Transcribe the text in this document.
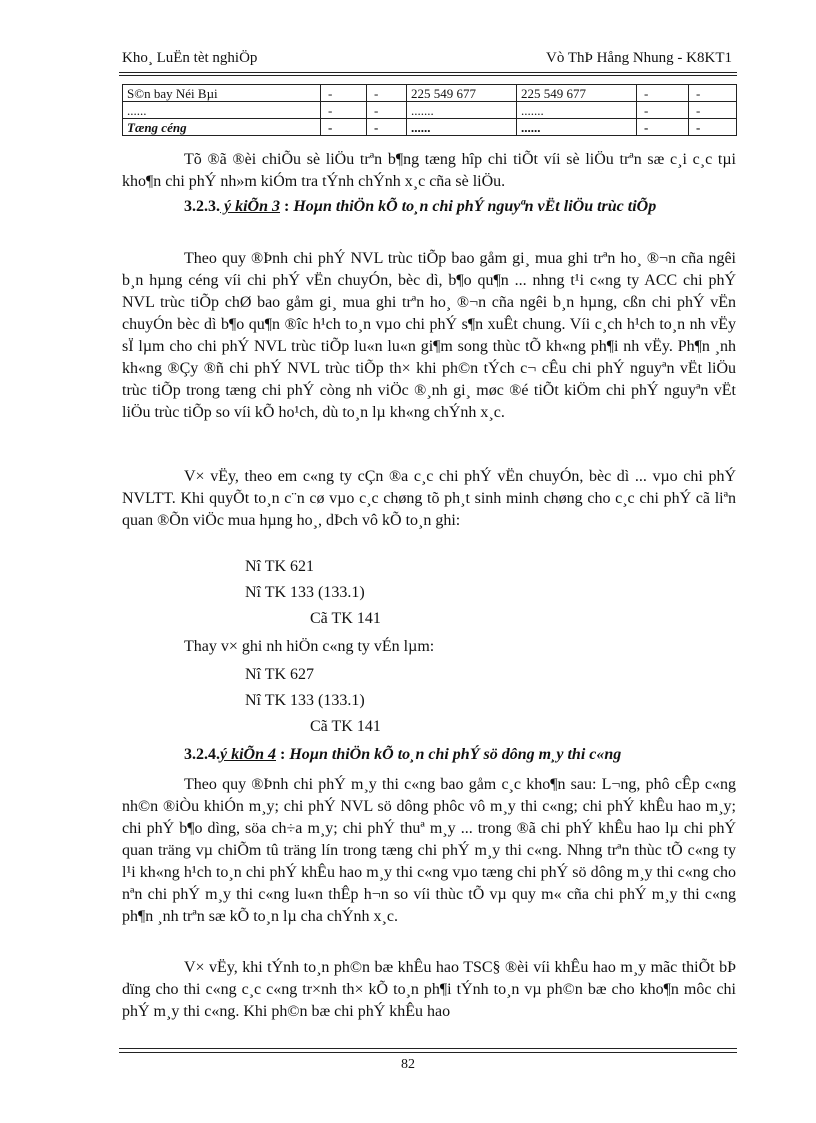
Kho¸ LuËn tèt nghiÖp	Vò ThÞ Hång Nhung - K8KT1
S©n bay Néi Bµi	-	-	225 549 677	225 549 677	-	-
......	-	-	.......	.......	-	-
Tæng céng	-	-	......	......	-	-
Tõ ®ã ®èi chiÕu sè liÖu trªn b¶ng tæng hîp chi tiÕt víi sè liÖu trªn sæ c¸i c¸c tµi kho¶n chi phÝ nh»m kiÓm tra tÝnh chÝnh x¸c cña sè liÖu.
3.2.3. ý kiÕn 3 : Hoµn thiÖn kÕ to¸n chi phÝ nguyªn vËt liÖu trùc tiÕp
Theo quy ®Þnh chi phÝ NVL trùc tiÕp bao gåm gi¸ mua ghi trªn ho¸ ®¬n cña ngêi b¸n hµng céng víi chi phÝ vËn chuyÓn, bèc dì, b¶o qu¶n ... nhng t¹i c«ng ty ACC chi phÝ NVL trùc tiÕp chØ bao gåm gi¸ mua ghi trªn ho¸ ®¬n cña ngêi b¸n hµng, cßn chi phÝ vËn chuyÓn bèc dì b¶o qu¶n ®îc h¹ch to¸n vµo chi phÝ s¶n xuÊt chung. Víi c¸ch h¹ch to¸n nh vËy sÏ lµm cho chi phÝ NVL trùc tiÕp lu«n lu«n gi¶m song thùc tÕ kh«ng ph¶i nh vËy. Ph¶n ¸nh kh«ng ®Çy ®ñ chi phÝ NVL trùc tiÕp th× khi ph©n tÝch c¬ cÊu chi phÝ nguyªn vËt liÖu trùc tiÕp trong tæng chi phÝ còng nh viÖc ®¸nh gi¸ møc ®é tiÕt kiÖm chi phÝ nguyªn vËt liÖu trùc tiÕp so víi kÕ ho¹ch, dù to¸n lµ kh«ng chÝnh x¸c.
V× vËy, theo em c«ng ty cÇn ®a c¸c chi phÝ vËn chuyÓn, bèc dì ... vµo chi phÝ NVLTT. Khi quyÕt to¸n c¨n cø vµo c¸c chøng tõ ph¸t sinh minh chøng cho c¸c chi phÝ cã liªn quan ®Õn viÖc mua hµng ho¸, dÞch vô kÕ to¸n ghi:
Nî TK 621
Nî TK 133 (133.1)
Cã TK 141
Thay v× ghi nh hiÖn c«ng ty vÉn lµm:
Nî TK 627
Nî TK 133 (133.1)
Cã TK 141
3.2.4.ý kiÕn 4 : Hoµn thiÖn kÕ to¸n chi phÝ sö dông m¸y thi c«ng
Theo quy ®Þnh chi phÝ m¸y thi c«ng bao gåm c¸c kho¶n sau: L¬ng, phô cÊp c«ng nh©n ®iÒu khiÓn m¸y; chi phÝ NVL sö dông phôc vô m¸y thi c«ng; chi phÝ khÊu hao m¸y; chi phÝ b¶o dìng, söa ch÷a m¸y; chi phÝ thuª m¸y ... trong ®ã chi phÝ khÊu hao lµ chi phÝ quan träng vµ chiÕm tû träng lín trong tæng chi phÝ m¸y thi c«ng. Nhng trªn thùc tÕ c«ng ty l¹i kh«ng h¹ch to¸n chi phÝ khÊu hao m¸y thi c«ng vµo tæng chi phÝ sö dông m¸y thi c«ng cho nªn chi phÝ m¸y thi c«ng lu«n thÊp h¬n so víi thùc tÕ vµ quy m« cña chi phÝ m¸y thi c«ng ph¶n ¸nh trªn sæ kÕ to¸n lµ cha chÝnh x¸c.
V× vËy, khi tÝnh to¸n ph©n bæ khÊu hao TSC§ ®èi víi khÊu hao m¸y mãc thiÕt bÞ dïng cho thi c«ng c¸c c«ng tr×nh th× kÕ to¸n ph¶i tÝnh to¸n vµ ph©n bæ cho kho¶n môc chi phÝ m¸y thi c«ng. Khi ph©n bæ chi phÝ khÊu hao
82
